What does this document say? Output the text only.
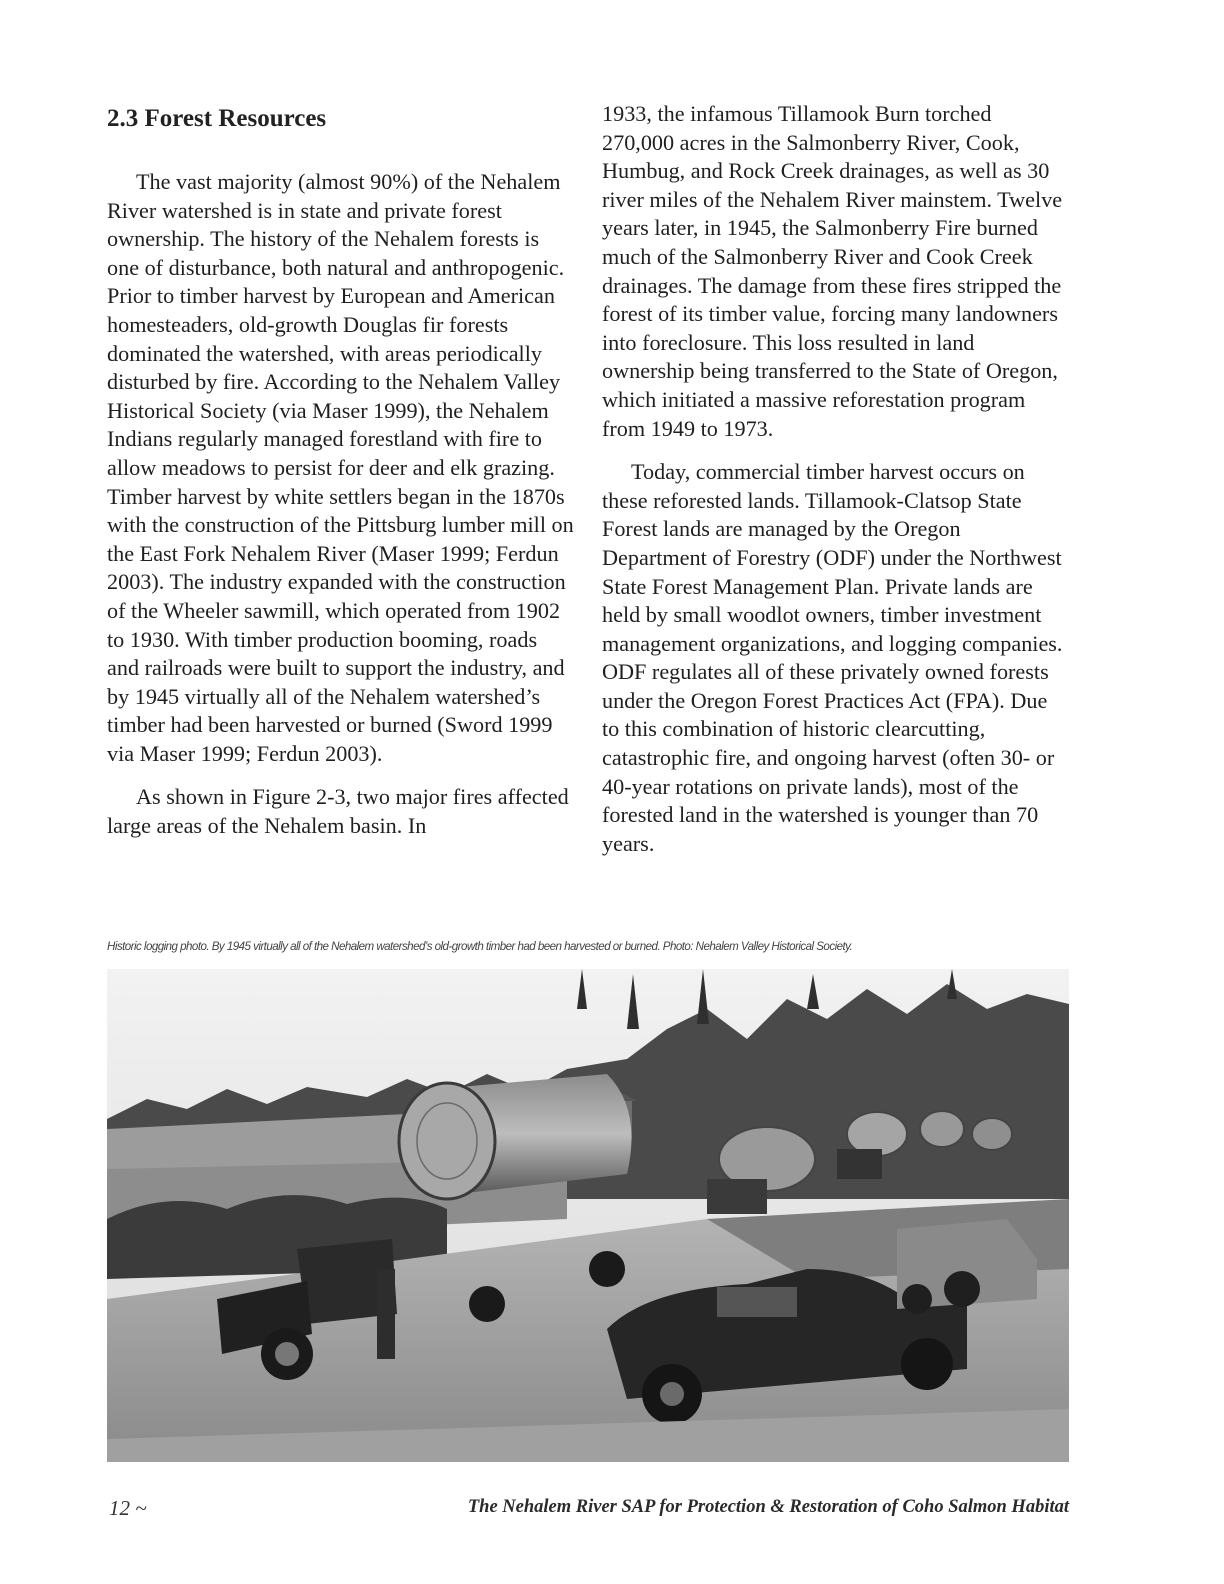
2.3 Forest Resources

The vast majority (almost 90%) of the Nehalem River watershed is in state and private forest ownership. The history of the Nehalem forests is one of disturbance, both natural and anthropogenic. Prior to timber harvest by European and American homesteaders, old-growth Douglas fir forests dominated the watershed, with areas periodically disturbed by fire. According to the Nehalem Valley Historical Society (via Maser 1999), the Nehalem Indians regularly managed forestland with fire to allow meadows to persist for deer and elk grazing. Timber harvest by white settlers began in the 1870s with the construction of the Pittsburg lumber mill on the East Fork Nehalem River (Maser 1999; Ferdun 2003). The industry expanded with the construction of the Wheeler sawmill, which operated from 1902 to 1930. With timber production booming, roads and railroads were built to support the industry, and by 1945 virtually all of the Nehalem watershed’s timber had been harvested or burned (Sword 1999 via Maser 1999; Ferdun 2003).

As shown in Figure 2-3, two major fires affected large areas of the Nehalem basin. In

1933, the infamous Tillamook Burn torched 270,000 acres in the Salmonberry River, Cook, Humbug, and Rock Creek drainages, as well as 30 river miles of the Nehalem River mainstem. Twelve years later, in 1945, the Salmonberry Fire burned much of the Salmonberry River and Cook Creek drainages. The damage from these fires stripped the forest of its timber value, forcing many landowners into foreclosure. This loss resulted in land ownership being transferred to the State of Oregon, which initiated a massive reforestation program from 1949 to 1973.

Today, commercial timber harvest occurs on these reforested lands. Tillamook-Clatsop State Forest lands are managed by the Oregon Department of Forestry (ODF) under the Northwest State Forest Management Plan. Private lands are held by small woodlot owners, timber investment management organizations, and logging companies. ODF regulates all of these privately owned forests under the Oregon Forest Practices Act (FPA). Due to this combination of historic clearcutting, catastrophic fire, and ongoing harvest (often 30- or 40-year rotations on private lands), most of the forested land in the watershed is younger than 70 years.

Historic logging photo. By 1945 virtually all of the Nehalem watershed’s old-growth timber had been harvested or burned. Photo: Nehalem Valley Historical Society.
12 ~	The Nehalem River SAP for Protection & Restoration of Coho Salmon Habitat
